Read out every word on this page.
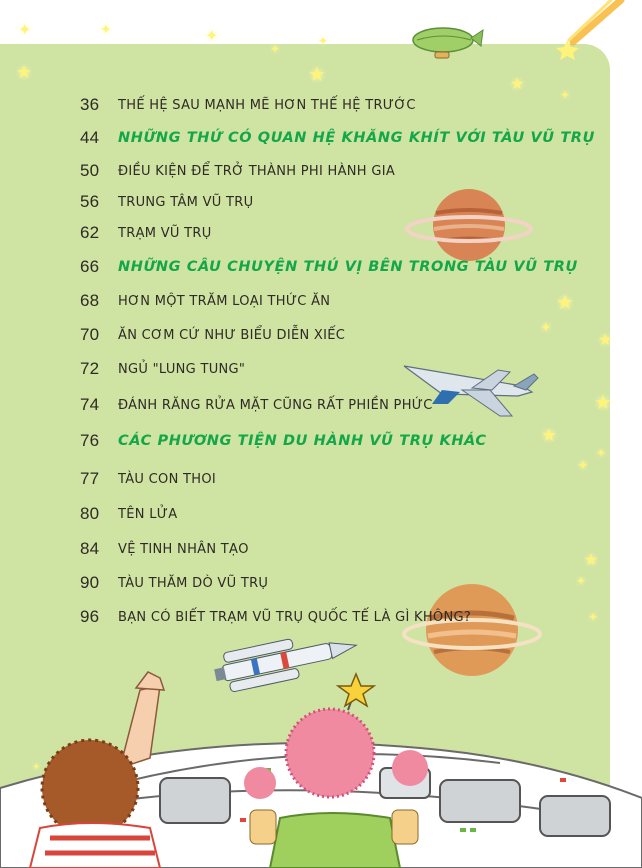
✦	✦	✦
✦
✦
★
★
★
✦
★
✦
★
★
★
✦
✦
★
✦
✦
✦
36	THẾ HỆ SAU MẠNH MẼ HƠN THẾ HỆ TRƯỚC
44	NHỮNG THỨ CÓ QUAN HỆ KHĂNG KHÍT VỚI TÀU VŨ TRỤ
50	ĐIỀU KIỆN ĐỂ TRỞ THÀNH PHI HÀNH GIA
56	TRUNG TÂM VŨ TRỤ
62	TRẠM VŨ TRỤ
66	NHỮNG CÂU CHUYỆN THÚ VỊ BÊN TRONG TÀU VŨ TRỤ
68	HƠN MỘT TRĂM LOẠI THỨC ĂN
70	ĂN CƠM CỨ NHƯ BIỂU DIỄN XIẾC
72	NGỦ "LUNG TUNG"
74	ĐÁNH RĂNG RỬA MẶT CŨNG RẤT PHIỀN PHỨC
76	CÁC PHƯƠNG TIỆN DU HÀNH VŨ TRỤ KHÁC
77	TÀU CON THOI
80	TÊN LỬA
84	VỆ TINH NHÂN TẠO
90	TÀU THĂM DÒ VŨ TRỤ
96	BẠN CÓ BIẾT TRẠM VŨ TRỤ QUỐC TẾ LÀ GÌ KHÔNG?
